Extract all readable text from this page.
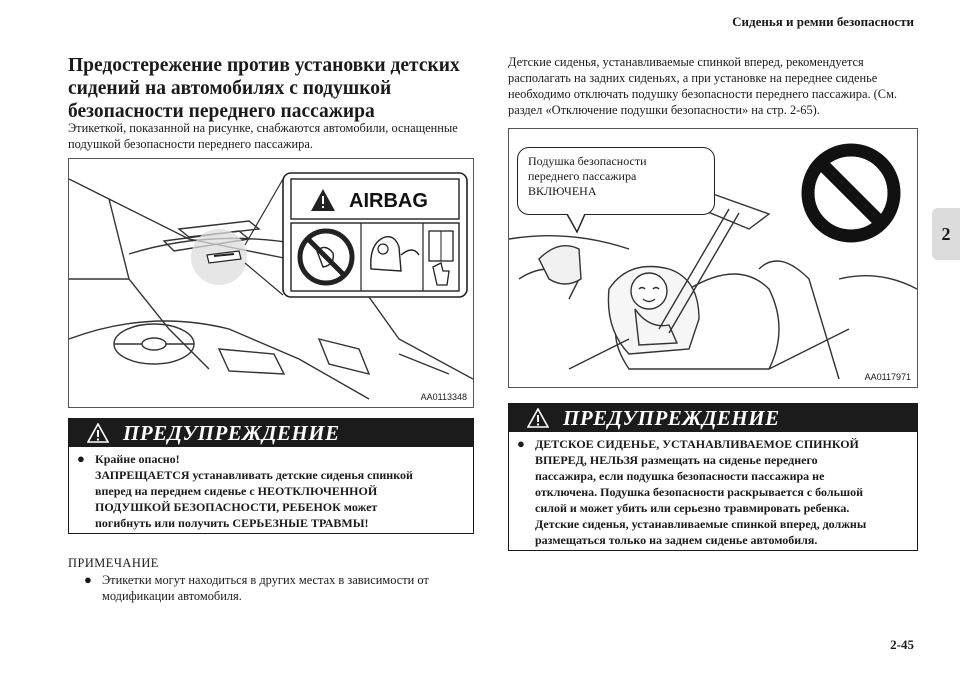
Сиденья и ремни безопасности
2
Предостережение против установки детских сидений на автомобилях с подушкой безопасности переднего пассажира
Этикеткой, показанной на рисунке, снабжаются автомобили, оснащенные подушкой безопасности переднего пассажира.
AIRBAG
AA0113348
ПРЕДУПРЕЖДЕНИЕ
● Крайне опасно!
ЗАПРЕЩАЕТСЯ устанавливать детские сиденья спинкой
вперед на переднем сиденье с НЕОТКЛЮЧЕННОЙ
ПОДУШКОЙ БЕЗОПАСНОСТИ, РЕБЕНОК может
погибнуть или получить СЕРЬЕЗНЫЕ ТРАВМЫ!
ПРИМЕЧАНИЕ
● Этикетки могут находиться в других местах в зависимости от модификации автомобиля.
Детские сиденья, устанавливаемые спинкой вперед, рекомендуется располагать на задних сиденьях, а при установке на переднее сиденье необходимо отключать подушку безопасности переднего пассажира. (См. раздел «Отключение подушки безопасности» на стр. 2-65).
Подушка безопасности
переднего пассажира
ВКЛЮЧЕНА
AA0117971
ПРЕДУПРЕЖДЕНИЕ
● ДЕТСКОЕ СИДЕНЬЕ, УСТАНАВЛИВАЕМОЕ СПИНКОЙ
ВПЕРЕД, НЕЛЬЗЯ размещать на сиденье переднего
пассажира, если подушка безопасности пассажира не
отключена. Подушка безопасности раскрывается с большой
силой и может убить или серьезно травмировать ребенка.
Детские сиденья, устанавливаемые спинкой вперед, должны
размещаться только на заднем сиденье автомобиля.
2-45
